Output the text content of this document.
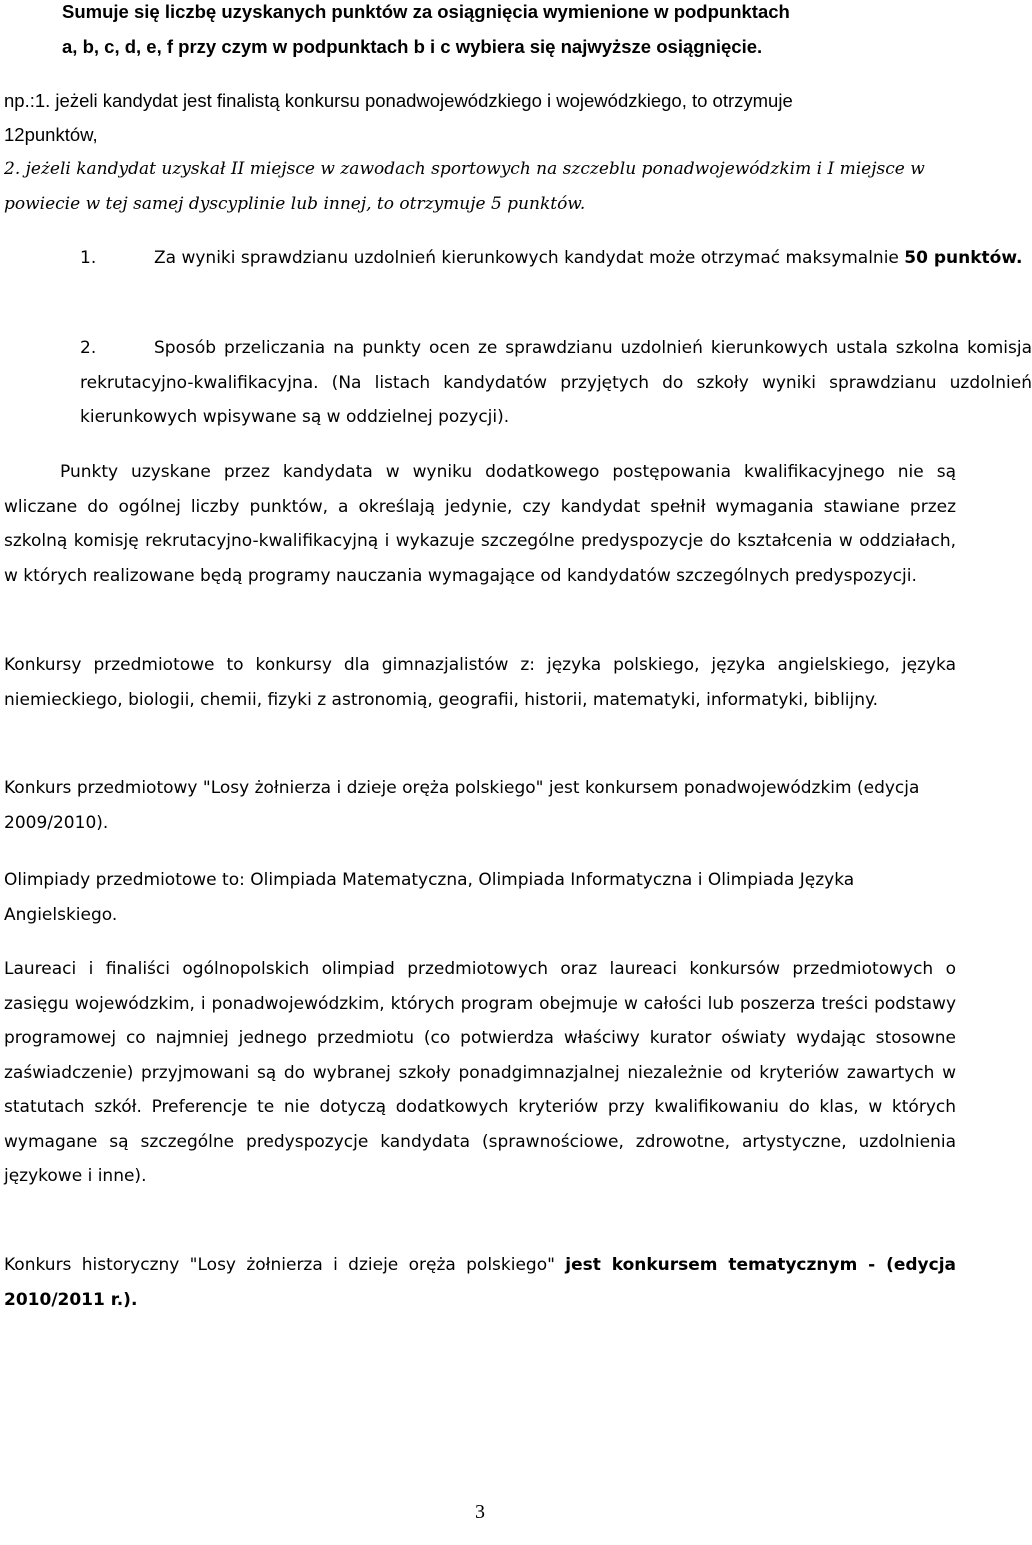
Sumuje się liczbę uzyskanych punktów za osiągnięcia wymienione w podpunktach
a, b, c, d, e, f przy czym w podpunktach b i c wybiera się najwyższe osiągnięcie.
np.:1. jeżeli kandydat jest finalistą konkursu ponadwojewódzkiego i wojewódzkiego, to otrzymuje
12punktów,
2. jeżeli kandydat uzyskał II miejsce w zawodach sportowych na szczeblu ponadwojewódzkim i I miejsce w powiecie w tej samej dyscyplinie lub innej, to otrzymuje 5 punktów.
1.	Za wyniki sprawdzianu uzdolnień kierunkowych kandydat może otrzymać maksymalnie 50 punktów.
2.	Sposób przeliczania na punkty ocen ze sprawdzianu uzdolnień kierunkowych ustala szkolna komisja rekrutacyjno-kwalifikacyjna. (Na listach kandydatów przyjętych do szkoły wyniki sprawdzianu uzdolnień kierunkowych wpisywane są w oddzielnej pozycji).
Punkty uzyskane przez kandydata w wyniku dodatkowego postępowania kwalifikacyjnego nie są wliczane do ogólnej liczby punktów, a określają jedynie, czy kandydat spełnił wymagania stawiane przez szkolną komisję rekrutacyjno-kwalifikacyjną i wykazuje szczególne predyspozycje do kształcenia w oddziałach, w których realizowane będą programy nauczania wymagające od kandydatów szczególnych predyspozycji.
Konkursy przedmiotowe to konkursy dla gimnazjalistów z: języka polskiego, języka angielskiego, języka niemieckiego, biologii, chemii, fizyki z astronomią, geografii, historii, matematyki, informatyki, biblijny.
Konkurs przedmiotowy "Losy żołnierza i dzieje oręża polskiego" jest konkursem ponadwojewódzkim (edycja 2009/2010).
Olimpiady przedmiotowe to: Olimpiada Matematyczna, Olimpiada Informatyczna i Olimpiada Języka Angielskiego.
Laureaci i finaliści ogólnopolskich olimpiad przedmiotowych oraz laureaci konkursów przedmiotowych o zasięgu wojewódzkim, i ponadwojewódzkim, których program obejmuje w całości lub poszerza treści podstawy programowej co najmniej jednego przedmiotu (co potwierdza właściwy kurator oświaty wydając stosowne zaświadczenie) przyjmowani są do wybranej szkoły ponadgimnazjalnej niezależnie od kryteriów zawartych w statutach szkół. Preferencje te nie dotyczą dodatkowych kryteriów przy kwalifikowaniu do klas, w których wymagane są szczególne predyspozycje kandydata (sprawnościowe, zdrowotne, artystyczne, uzdolnienia językowe i inne).
Konkurs historyczny "Losy żołnierza i dzieje oręża polskiego" jest konkursem tematycznym - (edycja 2010/2011 r.).
3
